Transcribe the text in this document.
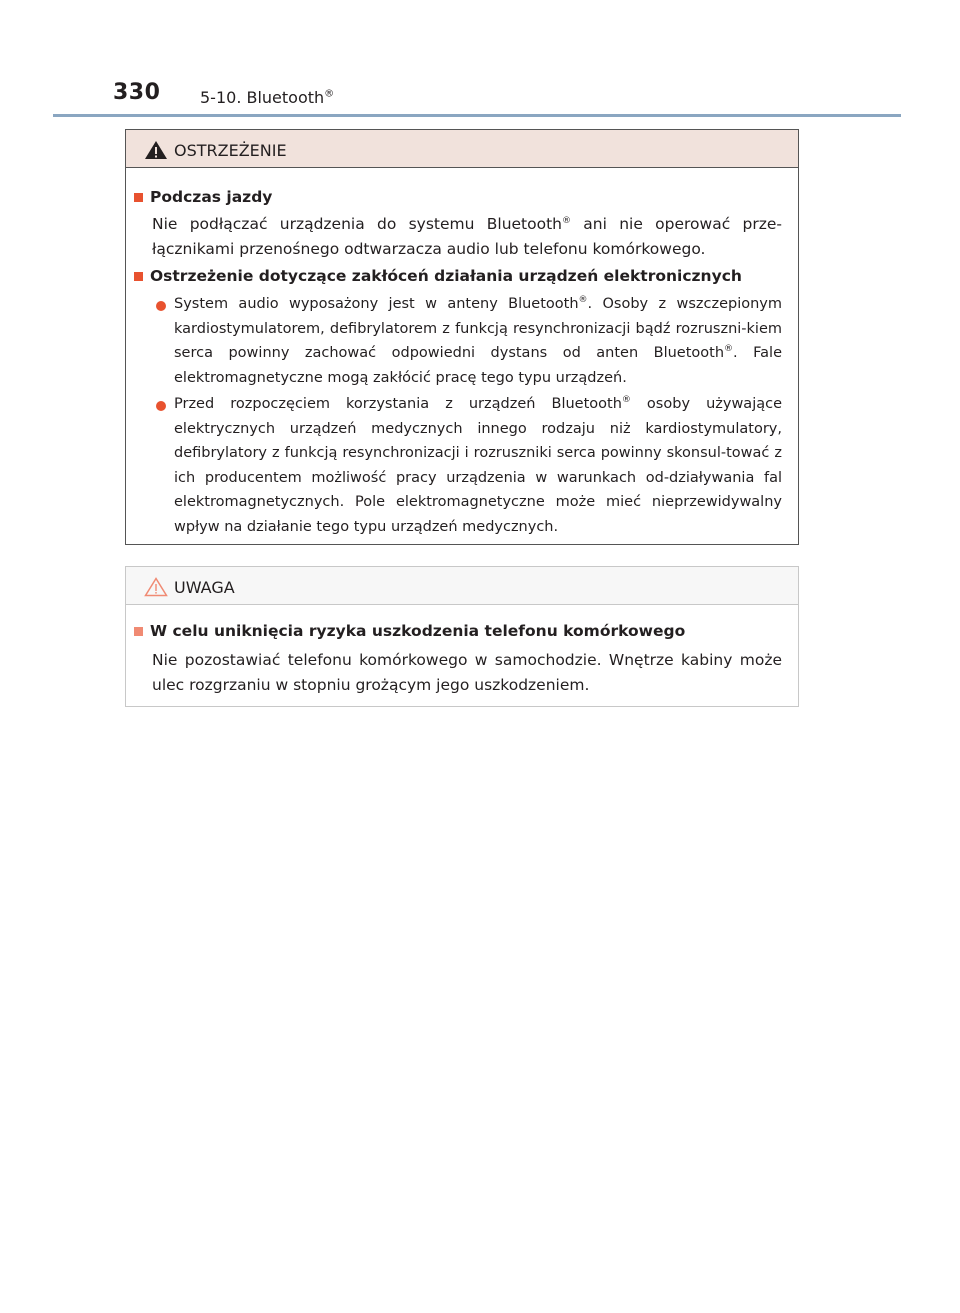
330 5-10. Bluetooth®
OSTRZEŻENIE
Podczas jazdy
Nie podłączać urządzenia do systemu Bluetooth® ani nie operować prze-łącznikami przenośnego odtwarzacza audio lub telefonu komórkowego.
Ostrzeżenie dotyczące zakłóceń działania urządzeń elektronicznych
System audio wyposażony jest w anteny Bluetooth®. Osoby z wszczepionym kardiostymulatorem, defibrylatorem z funkcją resynchronizacji bądź rozruszni-kiem serca powinny zachować odpowiedni dystans od anten Bluetooth®. Fale elektromagnetyczne mogą zakłócić pracę tego typu urządzeń.
Przed rozpoczęciem korzystania z urządzeń Bluetooth® osoby używające elektrycznych urządzeń medycznych innego rodzaju niż kardiostymulatory, defibrylatory z funkcją resynchronizacji i rozruszniki serca powinny skonsul-tować z ich producentem możliwość pracy urządzenia w warunkach od-działywania fal elektromagnetycznych. Pole elektromagnetyczne może mieć nieprzewidywalny wpływ na działanie tego typu urządzeń medycznych.
UWAGA
W celu uniknięcia ryzyka uszkodzenia telefonu komórkowego
Nie pozostawiać telefonu komórkowego w samochodzie. Wnętrze kabiny może ulec rozgrzaniu w stopniu grożącym jego uszkodzeniem.
